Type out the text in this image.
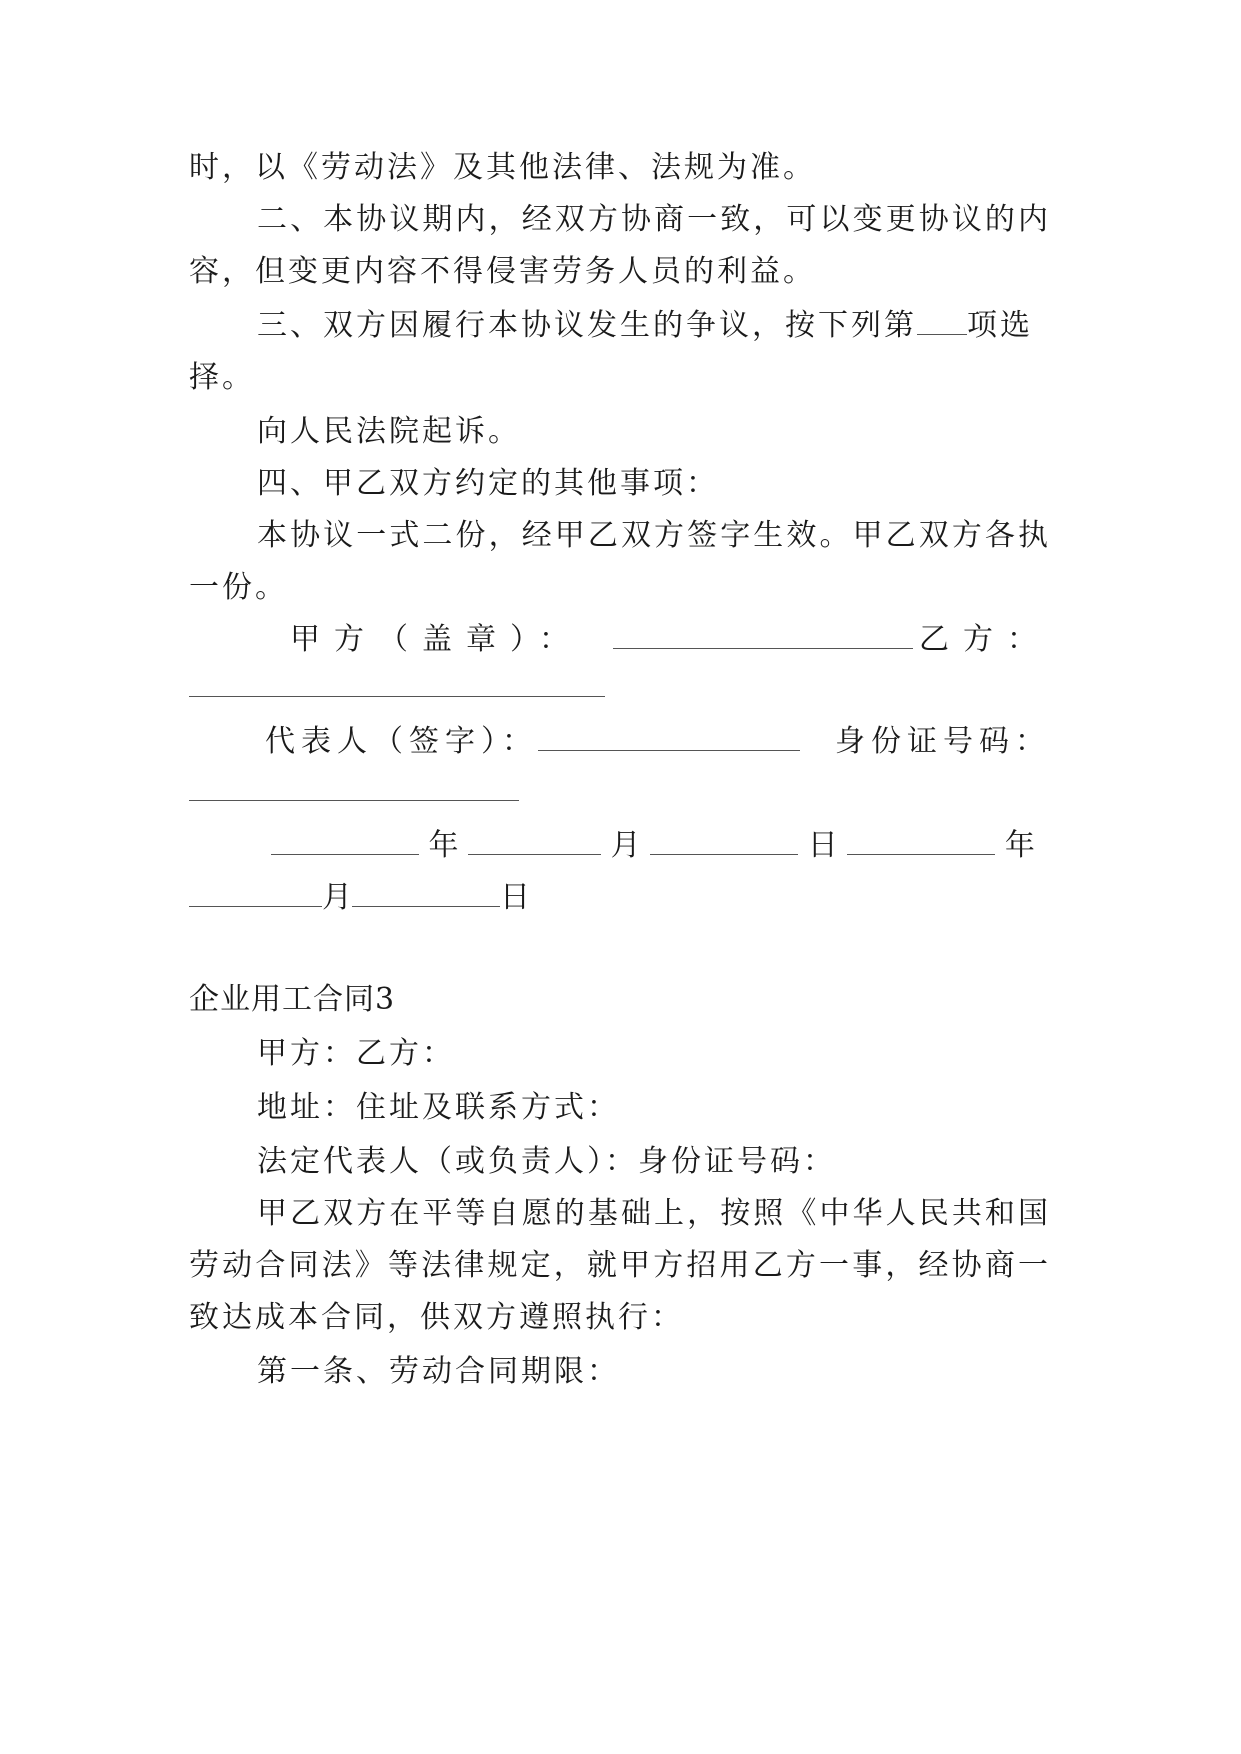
时，以《劳动法》及其他法律、法规为准。
二、本协议期内，经双方协商一致，可以变更协议的内
容，但变更内容不得侵害劳务人员的利益。
三、双方因履行本协议发生的争议，按下列第 项选
择。
向人民法院起诉。
四、甲乙双方约定的其他事项：
本协议一式二份，经甲乙双方签字生效。甲乙双方各执
一份。
甲方（盖章）：	乙方：
代表人（签字）：	身份证号码：
年	月	日	年
月	日
企业用工合同3
甲方：乙方：
地址：住址及联系方式：
法定代表人（或负责人）：身份证号码：
甲乙双方在平等自愿的基础上，按照《中华人民共和国
劳动合同法》等法律规定，就甲方招用乙方一事，经协商一
致达成本合同，供双方遵照执行：
第一条、劳动合同期限：
